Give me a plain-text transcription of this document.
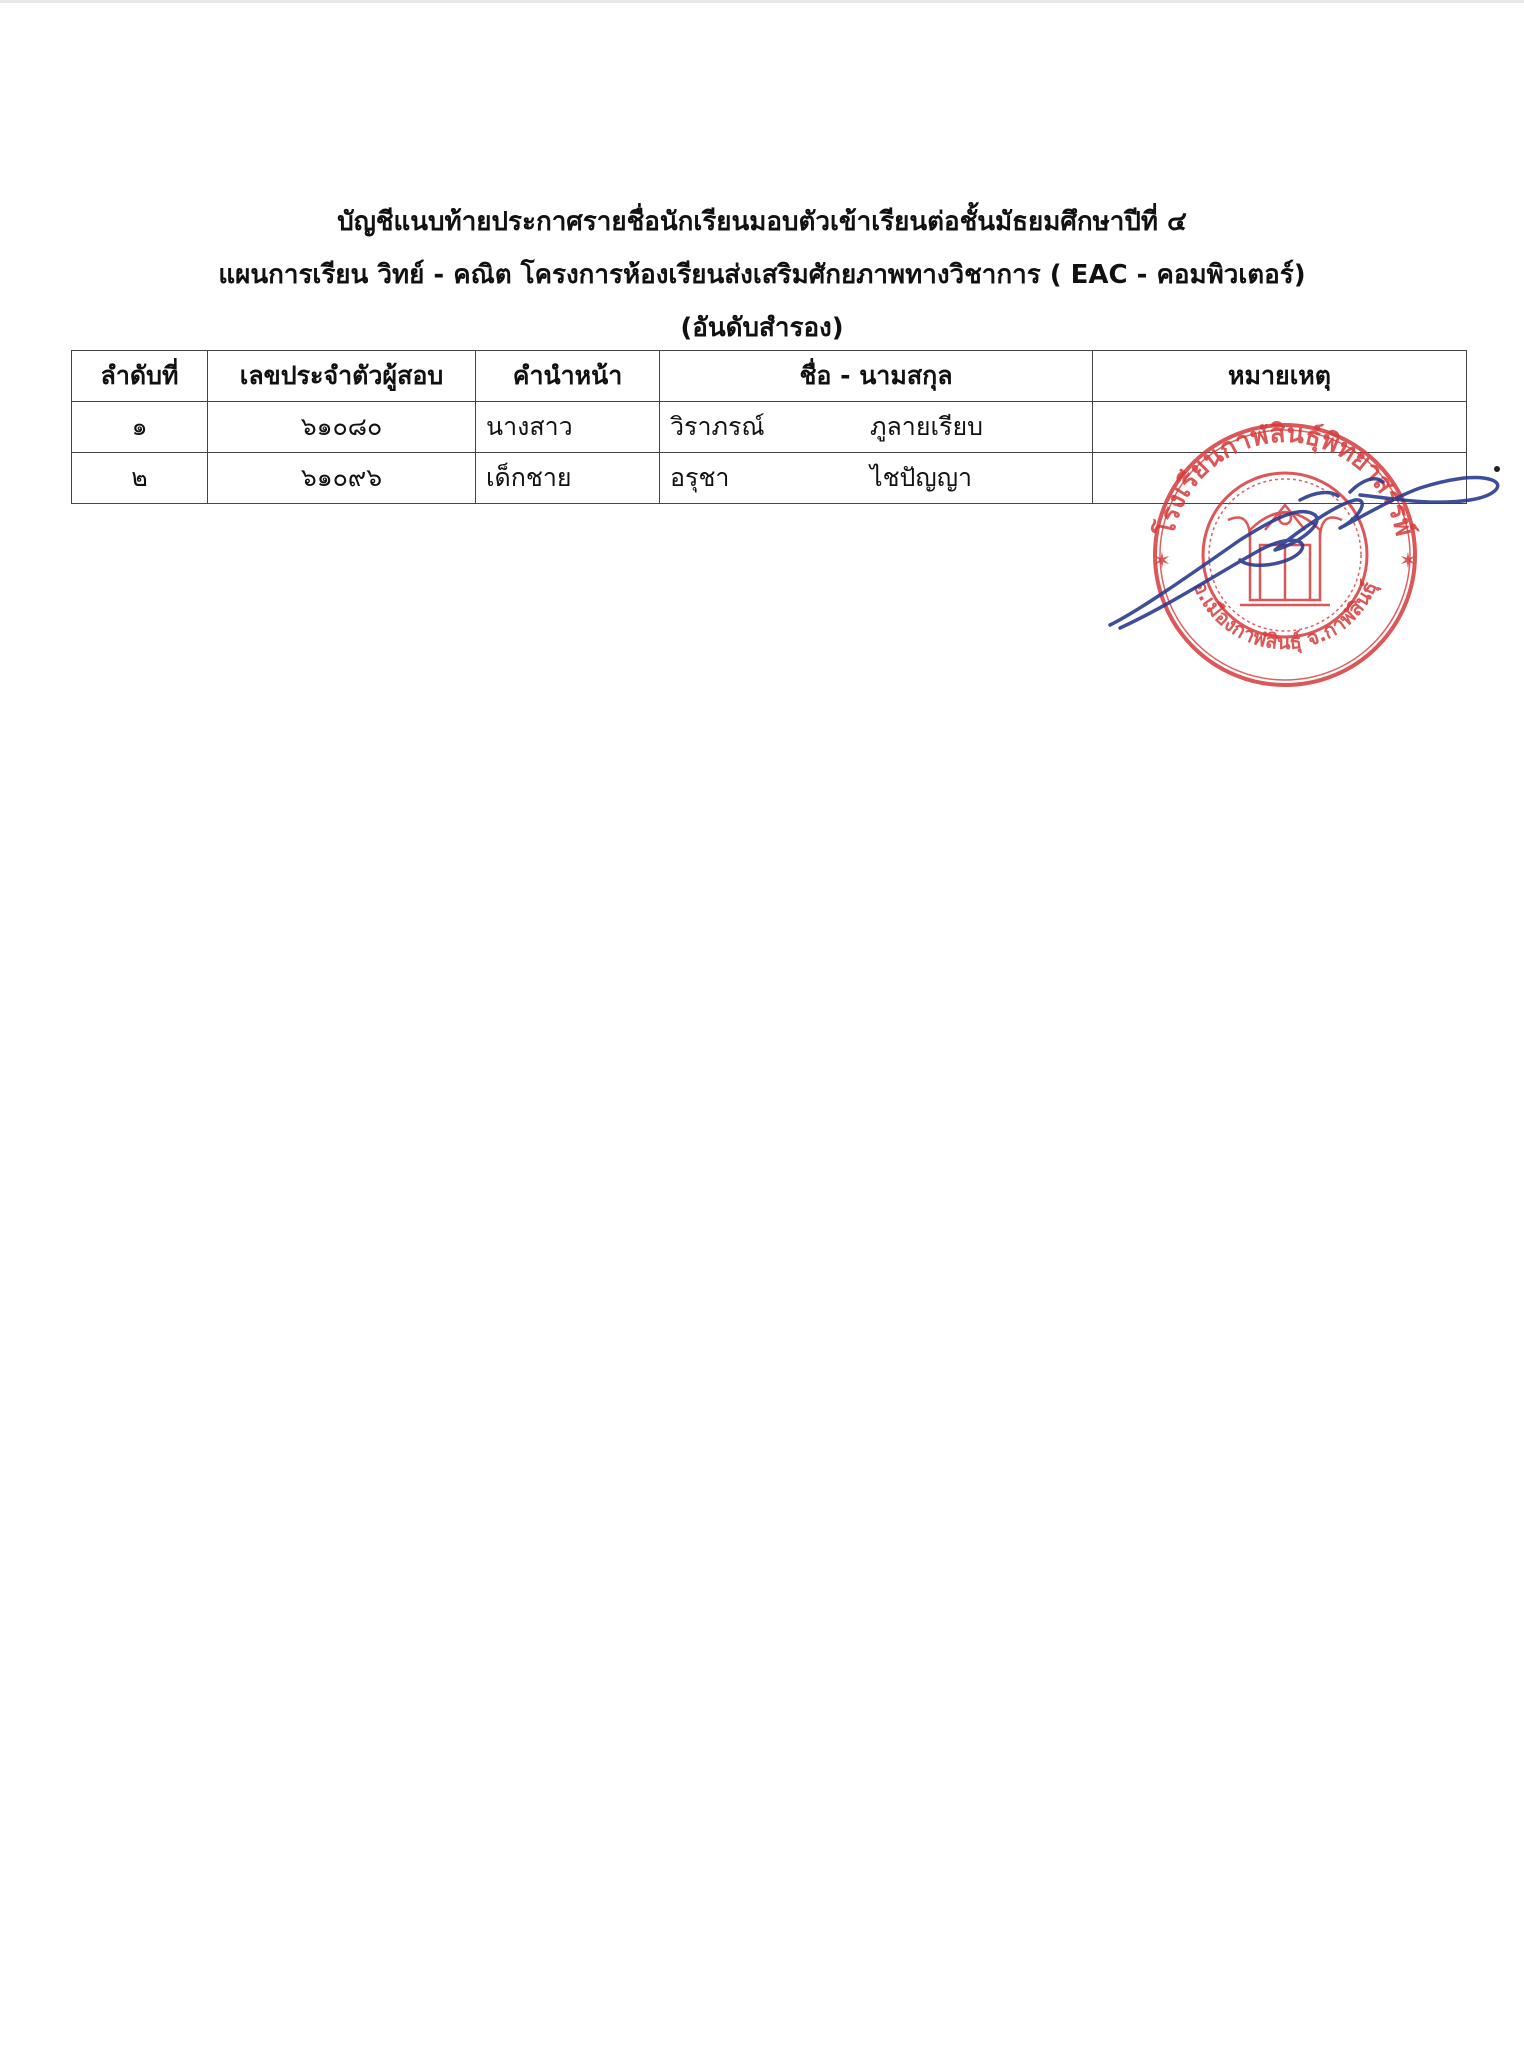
บัญชีแนบท้ายประกาศรายชื่อนักเรียนมอบตัวเข้าเรียนต่อชั้นมัธยมศึกษาปีที่ ๔
แผนการเรียน วิทย์ - คณิต โครงการห้องเรียนส่งเสริมศักยภาพทางวิชาการ ( EAC - คอมพิวเตอร์)
(อันดับสำรอง)
ลำดับที่	เลขประจำตัวผู้สอบ	คำนำหน้า	ชื่อ - นามสกุล	หมายเหตุ
๑	๖๑๐๘๐	นางสาว	วิราภรณ์ ภูลายเรียบ	
๒	๖๑๐๙๖	เด็กชาย	อรุชา ไชปัญญา	
โรงเรียนกาฬสินธุ์พิทยาสรรพ์
อ.เมืองกาฬสินธุ์ จ.กาฬสินธุ์
✶	✶
